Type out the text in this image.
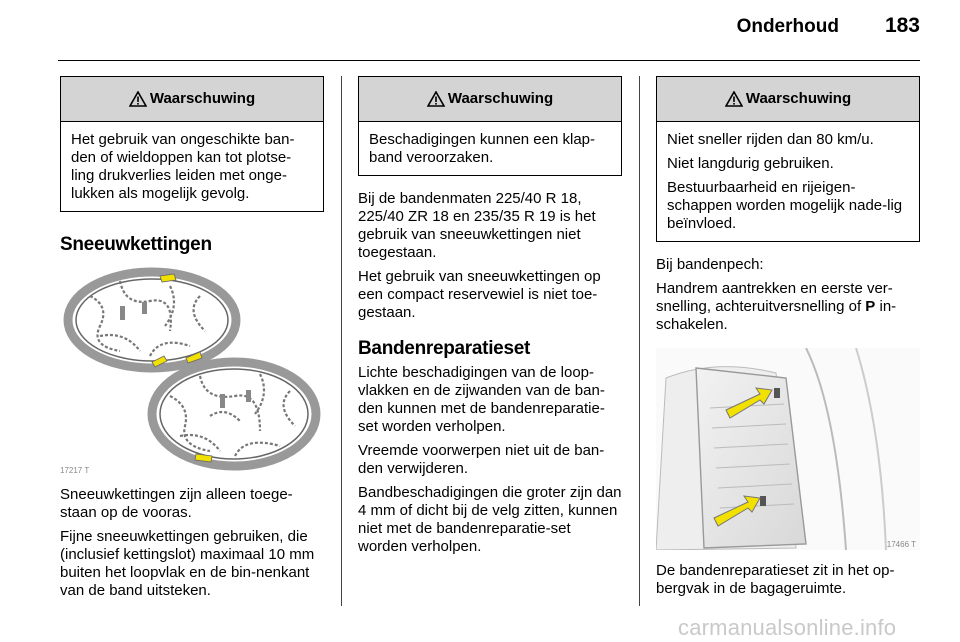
Onderhoud 183
Waarschuwing

Het gebruik van ongeschikte ban-den of wieldoppen kan tot plotse-ling drukverlies leiden met onge-lukken als mogelijk gevolg.

Sneeuwkettingen
17217 T

Sneeuwkettingen zijn alleen toege-staan op de vooras.

Fijne sneeuwkettingen gebruiken, die (inclusief kettingslot) maximaal 10 mm buiten het loopvlak en de bin-nenkant van de band uitsteken.

Waarschuwing

Beschadigingen kunnen een klap-band veroorzaken.

Bij de bandenmaten 225/40 R 18, 225/40 ZR 18 en 235/35 R 19 is het gebruik van sneeuwkettingen niet toegestaan.

Het gebruik van sneeuwkettingen op een compact reservewiel is niet toe-gestaan.

Bandenreparatieset

Lichte beschadigingen van de loop-vlakken en de zijwanden van de ban-den kunnen met de bandenreparatie-set worden verholpen.

Vreemde voorwerpen niet uit de ban-den verwijderen.

Bandbeschadigingen die groter zijn dan 4 mm of dicht bij de velg zitten, kunnen niet met de bandenreparatie-set worden verholpen.

Waarschuwing

Niet sneller rijden dan 80 km/u.

Niet langdurig gebruiken.

Bestuurbaarheid en rijeigen-schappen worden mogelijk nade-lig beïnvloed.

Bij bandenpech:

Handrem aantrekken en eerste ver-snelling, achteruitversnelling of P in-schakelen.

17466 T

De bandenreparatieset zit in het op-bergvak in de bagageruimte.

carmanualsonline.info
